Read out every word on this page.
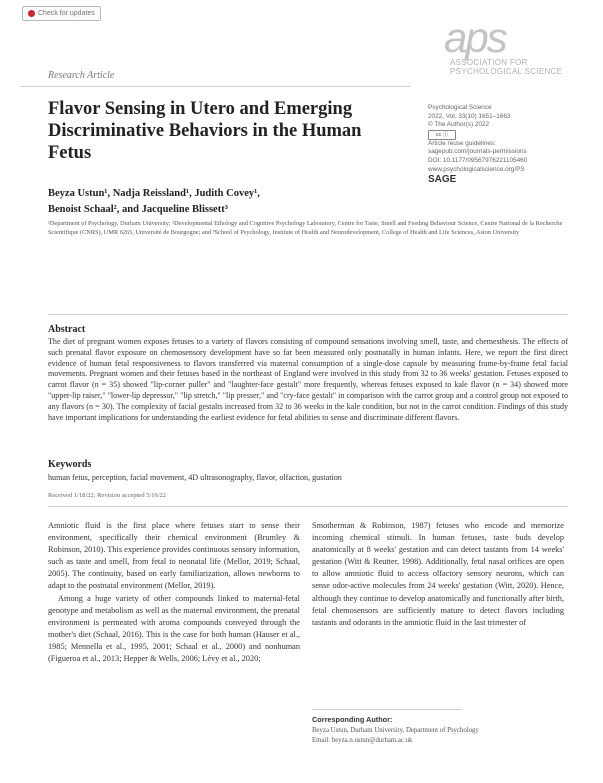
Check for updates
aps
ASSOCIATION FOR
PSYCHOLOGICAL SCIENCE
Research Article
Flavor Sensing in Utero and Emerging Discriminative Behaviors in the Human Fetus
Psychological Science
2022, Vol. 33(10) 1651–1663
© The Author(s) 2022
cc ⓘ
Article reuse guidelines:
sagepub.com/journals-permissions
DOI: 10.1177/09567976221105460
www.psychologicalscience.org/PS
SAGE
Beyza Ustun¹, Nadja Reissland¹, Judith Covey¹,
Benoist Schaal², and Jacqueline Blissett³
¹Department of Psychology, Durham University; ²Developmental Ethology and Cognitive Psychology Laboratory, Centre for Taste, Smell and Feeding Behaviour Science, Centre National de la Recherche Scientifique (CNRS), UMR 6265, Université de Bourgogne; and ³School of Psychology, Institute of Health and Neurodevelopment, College of Health and Life Sciences, Aston University
Abstract
The diet of pregnant women exposes fetuses to a variety of flavors consisting of compound sensations involving smell, taste, and chemesthesis. The effects of such prenatal flavor exposure on chemosensory development have so far been measured only postnatally in human infants. Here, we report the first direct evidence of human fetal responsiveness to flavors transferred via maternal consumption of a single-dose capsule by measuring frame-by-frame fetal facial movements. Pregnant women and their fetuses based in the northeast of England were involved in this study from 32 to 36 weeks' gestation. Fetuses exposed to carrot flavor (n = 35) showed "lip-corner puller" and "laughter-face gestalt" more frequently, whereas fetuses exposed to kale flavor (n = 34) showed more "upper-lip raiser," "lower-lip depressor," "lip stretch," "lip presser," and "cry-face gestalt" in comparison with the carrot group and a control group not exposed to any flavors (n = 30). The complexity of facial gestalts increased from 32 to 36 weeks in the kale condition, but not in the carrot condition. Findings of this study have important implications for understanding the earliest evidence for fetal abilities to sense and discriminate different flavors.
Keywords
human fetus, perception, facial movement, 4D ultrasonography, flavor, olfaction, gustation
Received 1/18/22; Revision accepted 5/16/22

Amniotic fluid is the first place where fetuses start to sense their environment, specifically their chemical environment (Brumley & Robinson, 2010). This experience provides continuous sensory information, such as taste and smell, from fetal to neonatal life (Mellor, 2019; Schaal, 2005). The continuity, based on early familiarization, allows newborns to adapt to the postnatal environment (Mellor, 2019).

Among a huge variety of other compounds linked to maternal-fetal genotype and metabolism as well as the maternal environment, the prenatal environment is permeated with aroma compounds conveyed through the mother's diet (Schaal, 2016). This is the case for both human (Hauser et al., 1985; Mennella et al., 1995, 2001; Schaal et al., 2000) and nonhuman (Figueroa et al., 2013; Hepper & Wells, 2006; Lévy et al., 2020;

Smotherman & Robinson, 1987) fetuses who encode and memorize incoming chemical stimuli. In human fetuses, taste buds develop anatomically at 8 weeks' gestation and can detect tastants from 14 weeks' gestation (Witt & Reutter, 1998). Additionally, fetal nasal orifices are open to allow amniotic fluid to access olfactory sensory neurons, which can sense odor-active molecules from 24 weeks' gestation (Witt, 2020). Hence, although they continue to develop anatomically and functionally after birth, fetal chemosensors are sufficiently mature to detect flavors including tastants and odorants in the amniotic fluid in the last trimester of

Corresponding Author:
Beyza Ustun, Durham University, Department of Psychology
Email: beyza.n.ustun@durham.ac.uk
